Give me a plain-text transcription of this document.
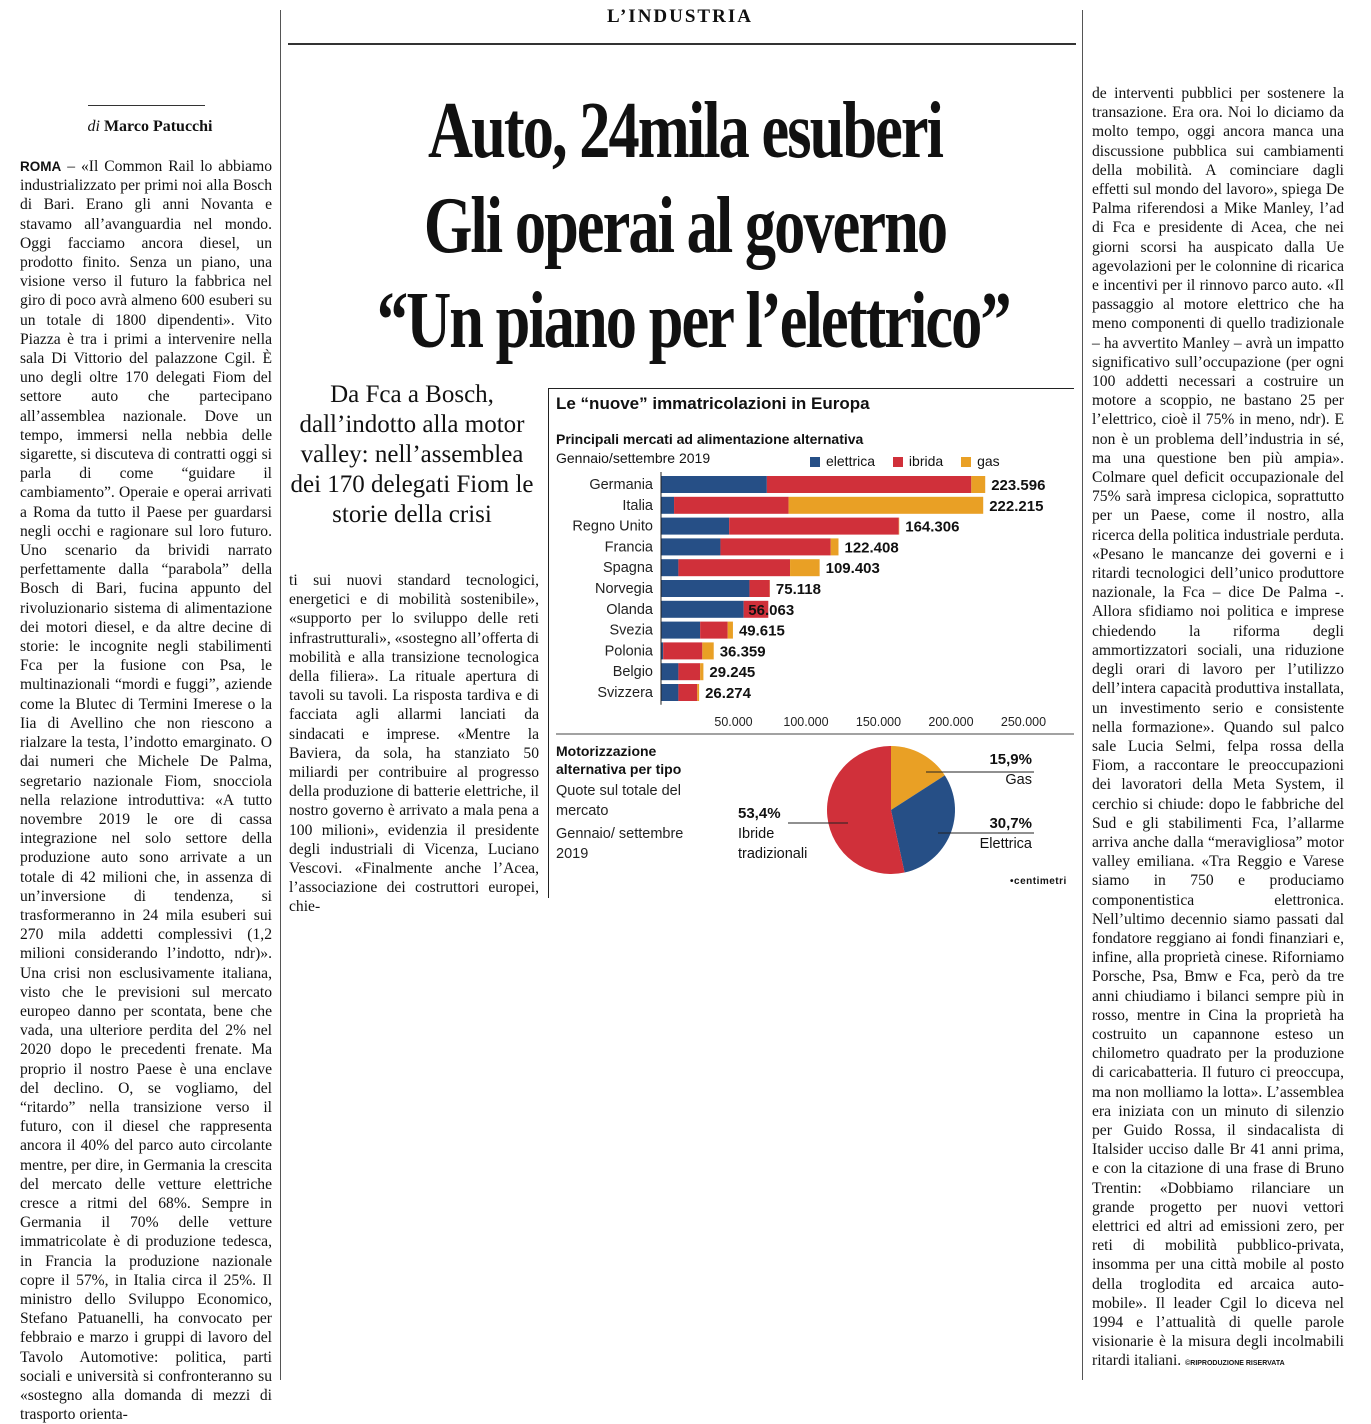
L’INDUSTRIA
Auto, 24mila esuberi
Gli operai al governo
“Un piano per l’elettrico”
Da Fca a Bosch, dall’indotto alla motor valley: nell’assemblea dei 170 delegati Fiom le storie della crisi
di Marco Patucchi

ROMA – «Il Common Rail lo abbiamo industrializzato per primi noi alla Bosch di Bari. Erano gli anni Novanta e stavamo all’avanguardia nel mondo. Oggi facciamo ancora diesel, un prodotto finito. Senza un piano, una visione verso il futuro la fabbrica nel giro di poco avrà almeno 600 esuberi su un totale di 1800 dipendenti». Vito Piazza è tra i primi a intervenire nella sala Di Vittorio del palazzone Cgil. È uno degli oltre 170 delegati Fiom del settore auto che partecipano all’assemblea nazionale. Dove un tempo, immersi nella nebbia delle sigarette, si discuteva di contratti oggi si parla di come “guidare il cambiamento”. Operaie e operai arrivati a Roma da tutto il Paese per guardarsi negli occhi e ragionare sul loro futuro. Uno scenario da brividi narrato perfettamente dalla “parabola” della Bosch di Bari, fucina appunto del rivoluzionario sistema di alimentazione dei motori diesel, e da altre decine di storie: le incognite negli stabilimenti Fca per la fusione con Psa, le multinazionali “mordi e fuggi”, aziende come la Blutec di Termini Imerese o la Iia di Avellino che non riescono a rialzare la testa, l’indotto emarginato. O dai numeri che Michele De Palma, segretario nazionale Fiom, snocciola nella relazione introduttiva: «A tutto novembre 2019 le ore di cassa integrazione nel solo settore della produzione auto sono arrivate a un totale di 42 milioni che, in assenza di un’inversione di tendenza, si trasformeranno in 24 mila esuberi sui 270 mila addetti complessivi (1,2 milioni considerando l’indotto, ndr)». Una crisi non esclusivamente italiana, visto che le previsioni sul mercato europeo danno per scontata, bene che vada, una ulteriore perdita del 2% nel 2020 dopo le precedenti frenate. Ma proprio il nostro Paese è una enclave del declino. O, se vogliamo, del “ritardo” nella transizione verso il futuro, con il diesel che rappresenta ancora il 40% del parco auto circolante mentre, per dire, in Germania la crescita del mercato delle vetture elettriche cresce a ritmi del 68%. Sempre in Germania il 70% delle vetture immatricolate è di produzione tedesca, in Francia la produzione nazionale copre il 57%, in Italia circa il 25%. Il ministro dello Sviluppo Economico, Stefano Patuanelli, ha convocato per febbraio e marzo i gruppi di lavoro del Tavolo Automotive: politica, parti sociali e università si confronteranno su «sostegno alla domanda di mezzi di trasporto orienta-

ti sui nuovi standard tecnologici, energetici e di mobilità sostenibile», «supporto per lo sviluppo delle reti infrastrutturali», «sostegno all’offerta di mobilità e alla transizione tecnologica della filiera». La rituale apertura di tavoli su tavoli. La risposta tardiva e di facciata agli allarmi lanciati da sindacati e imprese. «Mentre la Baviera, da sola, ha stanziato 50 miliardi per contribuire al progresso della produzione di batterie elettriche, il nostro governo è arrivato a mala pena a 100 milioni», evidenzia il presidente degli industriali di Vicenza, Luciano Vescovi. «Finalmente anche l’Acea, l’associazione dei costruttori europei, chie-

de interventi pubblici per sostenere la transazione. Era ora. Noi lo diciamo da molto tempo, oggi ancora manca una discussione pubblica sui cambiamenti della mobilità. A cominciare dagli effetti sul mondo del lavoro», spiega De Palma riferendosi a Mike Manley, l’ad di Fca e presidente di Acea, che nei giorni scorsi ha auspicato dalla Ue agevolazioni per le colonnine di ricarica e incentivi per il rinnovo parco auto. «Il passaggio al motore elettrico che ha meno componenti di quello tradizionale – ha avvertito Manley – avrà un impatto significativo sull’occupazione (per ogni 100 addetti necessari a costruire un motore a scoppio, ne bastano 25 per l’elettrico, cioè il 75% in meno, ndr). E non è un problema dell’industria in sé, ma una questione ben più ampia». Colmare quel deficit occupazionale del 75% sarà impresa ciclopica, soprattutto per un Paese, come il nostro, alla ricerca della politica industriale perduta. «Pesano le mancanze dei governi e i ritardi tecnologici dell’unico produttore nazionale, la Fca – dice De Palma -. Allora sfidiamo noi politica e imprese chiedendo la riforma degli ammortizzatori sociali, una riduzione degli orari di lavoro per l’utilizzo dell’intera capacità produttiva installata, un investimento serio e consistente nella formazione». Quando sul palco sale Lucia Selmi, felpa rossa della Fiom, a raccontare le preoccupazioni dei lavoratori della Meta System, il cerchio si chiude: dopo le fabbriche del Sud e gli stabilimenti Fca, l’allarme arriva anche dalla “meravigliosa” motor valley emiliana. «Tra Reggio e Varese siamo in 750 e produciamo componentistica elettronica. Nell’ultimo decennio siamo passati dal fondatore reggiano ai fondi finanziari e, infine, alla proprietà cinese. Riforniamo Porsche, Psa, Bmw e Fca, però da tre anni chiudiamo i bilanci sempre più in rosso, mentre in Cina la proprietà ha costruito un capannone esteso un chilometro quadrato per la produzione di caricabatteria. Il futuro ci preoccupa, ma non molliamo la lotta». L’assemblea era iniziata con un minuto di silenzio per Guido Rossa, il sindacalista di Italsider ucciso dalle Br 41 anni prima, e con la citazione di una frase di Bruno Trentin: «Dobbiamo rilanciare un grande progetto per nuovi vettori elettrici ed altri ad emissioni zero, per reti di mobilità pubblico-privata, insomma per una città mobile al posto della troglodita ed arcaica auto-mobile». Il leader Cgil lo diceva nel 1994 e l’attualità di quelle parole visionarie è la misura degli incolmabili ritardi italiani. ©RIPRODUZIONE RISERVATA

Le “nuove” immatricolazioni in Europa
Principali mercati ad alimentazione alternativa
Gennaio/settembre 2019	elettrica ibrida gas
Germania	223.596
Italia	222.215
Regno Unito	164.306
Francia	122.408
Spagna	109.403
Norvegia	75.118
Olanda	56.063
Svezia	49.615
Polonia	36.359
Belgio	29.245
Svizzera	26.274
50.000 100.000 150.000 200.000 250.000
Motorizzazione alternativa per tipo
Quote sul totale del mercato
Gennaio/ settembre 2019
15,9%
Gas
30,7%
Elettrica
53,4%
Ibride tradizionali
•centimetri
